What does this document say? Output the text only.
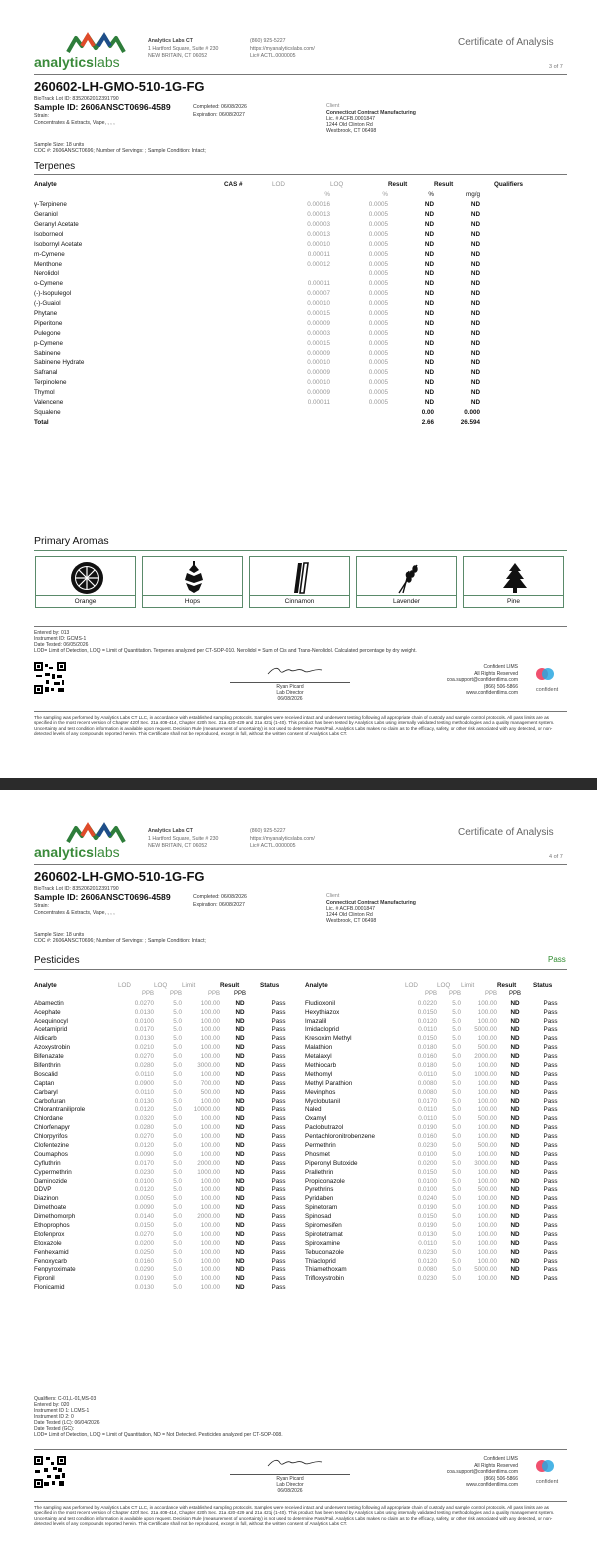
analyticslabs
Analytics Labs CT
1 Hartford Square, Suite # 230
NEW BRITAIN, CT 06052
(860) 925-5227
https://myanalyticslabs.com/
Lic# ACTL.0000005
Certificate of Analysis
3 of 7
260602-LH-GMO-510-1G-FG
BioTrack Lot ID: 8352062012391790
Sample ID: 2606ANSCT0696-4589
Strain:
Concentrates & Extracts, Vape, , , ,
Completed: 06/08/2026
Expiration: 06/08/2027
Client
Connecticut Contract Manufacturing
Lic. # ACFB.0001847
1244 Old Clinton Rd
Westbrook, CT 06498
Sample Size: 18 units
COC #: 2606ANSCT0696; Number of Servings: ; Sample Condition: Intact;
Terpenes
Analyte	CAS #	LOD	LOQ	Result	Result	Qualifiers
		%	%	%	mg/g	
γ-Terpinene		0.00016	0.0005	ND	ND	
Geraniol		0.00013	0.0005	ND	ND	
Geranyl Acetate		0.00003	0.0005	ND	ND	
Isoborneol		0.00013	0.0005	ND	ND	
Isobornyl Acetate		0.00010	0.0005	ND	ND	
m-Cymene		0.00011	0.0005	ND	ND	
Menthone		0.00012	0.0005	ND	ND	
Nerolidol			0.0005	ND	ND	
o-Cymene		0.00011	0.0005	ND	ND	
(-)-Isopulegol		0.00007	0.0005	ND	ND	
(-)-Guaiol		0.00010	0.0005	ND	ND	
Phytane		0.00015	0.0005	ND	ND	
Piperitone		0.00009	0.0005	ND	ND	
Pulegone		0.00003	0.0005	ND	ND	
p-Cymene		0.00015	0.0005	ND	ND	
Sabinene		0.00009	0.0005	ND	ND	
Sabinene Hydrate		0.00010	0.0005	ND	ND	
Safranal		0.00009	0.0005	ND	ND	
Terpinolene		0.00010	0.0005	ND	ND	
Thymol		0.00009	0.0005	ND	ND	
Valencene		0.00011	0.0005	ND	ND	
Squalene				0.00	0.000	
Total				2.66	26.594	
Primary Aromas
Orange	Hops	Cinnamon	Lavender	Pine
Entered by: 013
Instrument ID: GCMS-1
Date Tested: 06/05/2026
LOD= Limit of Detection, LOQ = Limit of Quantitation. Terpenes analyzed per CT-SOP-010. Nerolidol = Sum of Cis and Trans-Nerolidol. Calculated percentage by dry weight.
Ryan Picard
Lab Director
06/08/2026
Confident LIMS
All Rights Reserved
coa.support@confidentlims.com
(866) 506-5866
www.confidentlims.com
confident
The sampling was performed by Analytics Labs CT LLC, in accordance with established sampling protocols. Samples were received intact and underwent testing following all appropriate chain of custody and sample control protocols. All pass limits are as specified in the most recent version of Chapter 420f Sec. 21a 408-414, Chapter 420h Sec. 21a 420-429 and 21a 421j (1-40). This product has been tested by Analytics Labs using internally validated testing methodologies and a quality management system. Uncertainty and test condition information is available upon request. Decision Rule (measurement of uncertainty) is not used to determine Pass/Fail. Analytics Labs makes no claim as to the efficacy, safety, or other risk associated with any detected, or non-detected levels of any compounds reported herein. This Certificate shall not be reproduced, except in full, without the written consent of Analytics Labs CT.
analyticslabs
Analytics Labs CT
1 Hartford Square, Suite # 230
NEW BRITAIN, CT 06052
(860) 925-5227
https://myanalyticslabs.com/
Lic# ACTL.0000005
Certificate of Analysis
4 of 7
260602-LH-GMO-510-1G-FG
BioTrack Lot ID: 8352062012391790
Sample ID: 2606ANSCT0696-4589
Strain:
Concentrates & Extracts, Vape, , , ,
Completed: 06/08/2026
Expiration: 06/08/2027
Client
Connecticut Contract Manufacturing
Lic. # ACFB.0001847
1244 Old Clinton Rd
Westbrook, CT 06498
Sample Size: 18 units
COC #: 2606ANSCT0696; Number of Servings: ; Sample Condition: Intact;
Pesticides	Pass
Analyte	LOD	LOQ	Limit	Result	Status
	PPB	PPB	PPB	PPB	
Abamectin	0.0270	5.0	100.00	ND	Pass
Acephate	0.0130	5.0	100.00	ND	Pass
Acequinocyl	0.0100	5.0	100.00	ND	Pass
Acetamiprid	0.0170	5.0	100.00	ND	Pass
Aldicarb	0.0130	5.0	100.00	ND	Pass
Azoxystrobin	0.0210	5.0	100.00	ND	Pass
Bifenazate	0.0270	5.0	100.00	ND	Pass
Bifenthrin	0.0280	5.0	3000.00	ND	Pass
Boscalid	0.0110	5.0	100.00	ND	Pass
Captan	0.0900	5.0	700.00	ND	Pass
Carbaryl	0.0110	5.0	500.00	ND	Pass
Carbofuran	0.0130	5.0	100.00	ND	Pass
Chlorantraniliprole	0.0120	5.0	10000.00	ND	Pass
Chlordane	0.0320	5.0	100.00	ND	Pass
Chlorfenapyr	0.0280	5.0	100.00	ND	Pass
Chlorpyrifos	0.0270	5.0	100.00	ND	Pass
Clofentezine	0.0120	5.0	100.00	ND	Pass
Coumaphos	0.0090	5.0	100.00	ND	Pass
Cyfluthrin	0.0170	5.0	2000.00	ND	Pass
Cypermethrin	0.0230	5.0	1000.00	ND	Pass
Daminozide	0.0100	5.0	100.00	ND	Pass
DDVP	0.0120	5.0	100.00	ND	Pass
Diazinon	0.0050	5.0	100.00	ND	Pass
Dimethoate	0.0090	5.0	100.00	ND	Pass
Dimethomorph	0.0140	5.0	2000.00	ND	Pass
Ethoprophos	0.0150	5.0	100.00	ND	Pass
Etofenprox	0.0270	5.0	100.00	ND	Pass
Etoxazole	0.0200	5.0	100.00	ND	Pass
Fenhexamid	0.0250	5.0	100.00	ND	Pass
Fenoxycarb	0.0160	5.0	100.00	ND	Pass
Fenpyroximate	0.0290	5.0	100.00	ND	Pass
Fipronil	0.0190	5.0	100.00	ND	Pass
Flonicamid	0.0130	5.0	100.00	ND	Pass
Analyte	LOD	LOQ	Limit	Result	Status
	PPB	PPB	PPB	PPB	
Fludioxonil	0.0220	5.0	100.00	ND	Pass
Hexythiazox	0.0150	5.0	100.00	ND	Pass
Imazalil	0.0120	5.0	100.00	ND	Pass
Imidacloprid	0.0110	5.0	5000.00	ND	Pass
Kresoxim Methyl	0.0150	5.0	100.00	ND	Pass
Malathion	0.0180	5.0	500.00	ND	Pass
Metalaxyl	0.0160	5.0	2000.00	ND	Pass
Methiocarb	0.0180	5.0	100.00	ND	Pass
Methomyl	0.0110	5.0	1000.00	ND	Pass
Methyl Parathion	0.0080	5.0	100.00	ND	Pass
Mevinphos	0.0080	5.0	100.00	ND	Pass
Myclobutanil	0.0170	5.0	100.00	ND	Pass
Naled	0.0110	5.0	100.00	ND	Pass
Oxamyl	0.0110	5.0	500.00	ND	Pass
Paclobutrazol	0.0190	5.0	100.00	ND	Pass
Pentachloronitrobenzene	0.0160	5.0	100.00	ND	Pass
Permethrin	0.0230	5.0	500.00	ND	Pass
Phosmet	0.0100	5.0	100.00	ND	Pass
Piperonyl Butoxide	0.0200	5.0	3000.00	ND	Pass
Prallethrin	0.0150	5.0	100.00	ND	Pass
Propiconazole	0.0100	5.0	100.00	ND	Pass
Pyrethrins	0.0100	5.0	500.00	ND	Pass
Pyridaben	0.0240	5.0	100.00	ND	Pass
Spinetoram	0.0190	5.0	100.00	ND	Pass
Spinosad	0.0150	5.0	100.00	ND	Pass
Spiromesifen	0.0190	5.0	100.00	ND	Pass
Spirotetramat	0.0130	5.0	100.00	ND	Pass
Spiroxamine	0.0110	5.0	100.00	ND	Pass
Tebuconazole	0.0230	5.0	100.00	ND	Pass
Thiacloprid	0.0120	5.0	100.00	ND	Pass
Thiamethoxam	0.0080	5.0	5000.00	ND	Pass
Trifloxystrobin	0.0230	5.0	100.00	ND	Pass
Qualifiers: C-01,L-01,MS-03
Entered by: 020
Instrument ID 1: LCMS-1
Instrument ID 2: 0
Date Tested (LC): 06/04/2026
Date Tested (GC):
LOD= Limit of Detection, LOQ = Limit of Quantitation, ND = Not Detected. Pesticides analyzed per CT-SOP-008.
Ryan Picard
Lab Director
06/08/2026
Confident LIMS
All Rights Reserved
coa.support@confidentlims.com
(866) 506-5866
www.confidentlims.com
confident
The sampling was performed by Analytics Labs CT LLC, in accordance with established sampling protocols. Samples were received intact and underwent testing following all appropriate chain of custody and sample control protocols. All pass limits are as specified in the most recent version of Chapter 420f Sec. 21a 408-414, Chapter 420h Sec. 21a 420-429 and 21a 421j (1-40). This product has been tested by Analytics Labs using internally validated testing methodologies and a quality management system. Uncertainty and test condition information is available upon request. Decision Rule (measurement of uncertainty) is not used to determine Pass/Fail. Analytics Labs makes no claim as to the efficacy, safety, or other risk associated with any detected, or non-detected levels of any compounds reported herein. This Certificate shall not be reproduced, except in full, without the written consent of Analytics Labs CT.
